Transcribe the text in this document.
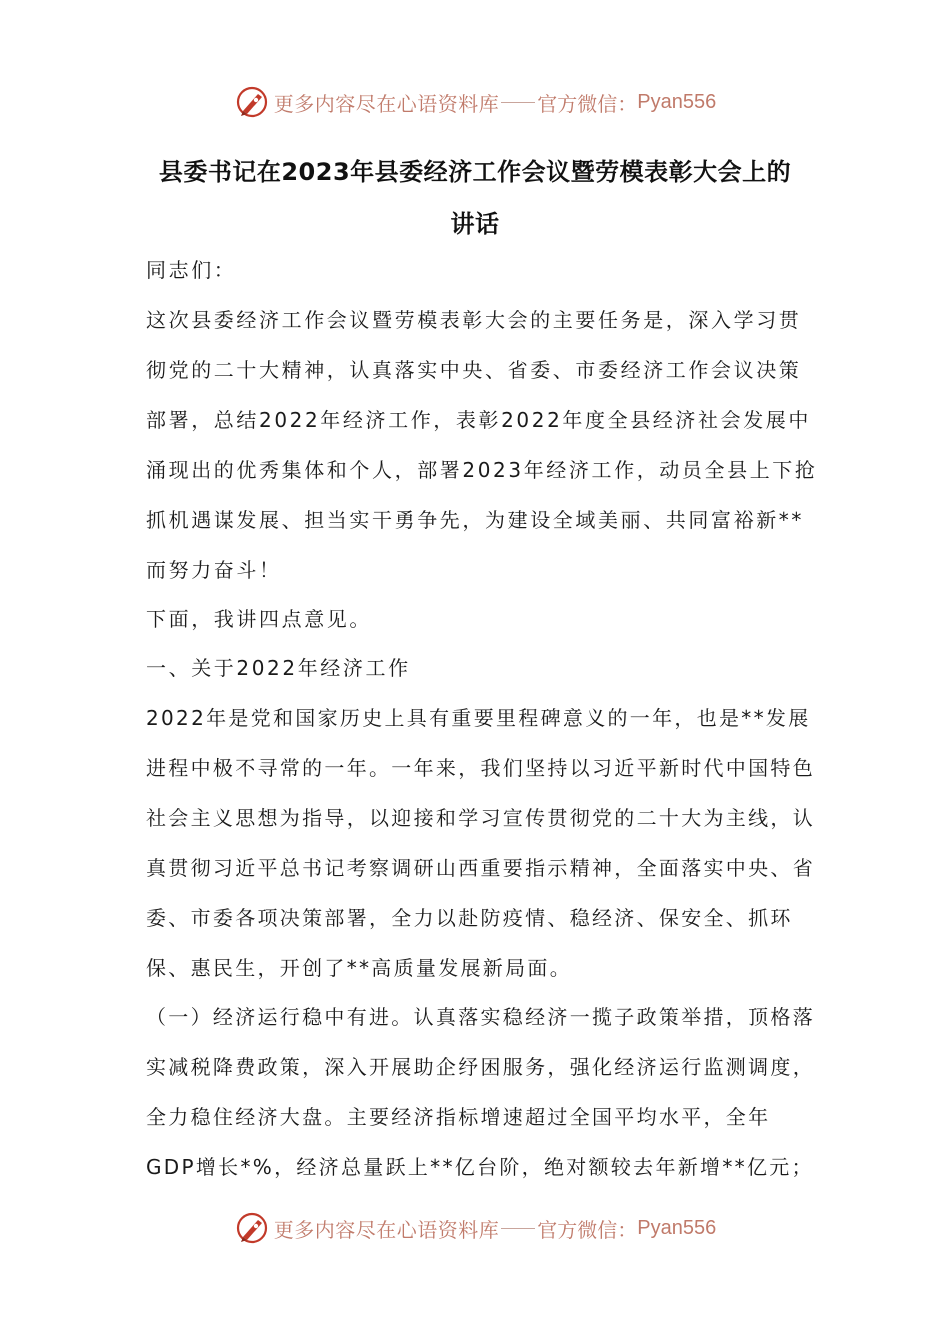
更多内容尽在心语资料库 官方微信： Pyan556
县委书记在2023年县委经济工作会议暨劳模表彰大会上的
讲话

同志们：

这次县委经济工作会议暨劳模表彰大会的主要任务是，深入学习贯彻党的二十大精神，认真落实中央、省委、市委经济工作会议决策部署，总结2022年经济工作，表彰2022年度全县经济社会发展中涌现出的优秀集体和个人，部署2023年经济工作，动员全县上下抢抓机遇谋发展、担当实干勇争先，为建设全域美丽、共同富裕新**而努力奋斗！

下面，我讲四点意见。

一、关于2022年经济工作

2022年是党和国家历史上具有重要里程碑意义的一年，也是**发展进程中极不寻常的一年。一年来，我们坚持以习近平新时代中国特色社会主义思想为指导，以迎接和学习宣传贯彻党的二十大为主线，认真贯彻习近平总书记考察调研山西重要指示精神，全面落实中央、省委、市委各项决策部署，全力以赴防疫情、稳经济、保安全、抓环保、惠民生，开创了**高质量发展新局面。

（一）经济运行稳中有进。认真落实稳经济一揽子政策举措，顶格落实减税降费政策，深入开展助企纾困服务，强化经济运行监测调度，全力稳住经济大盘。主要经济指标增速超过全国平均水平，全年GDP增长*%，经济总量跃上**亿台阶，绝对额较去年新增**亿元；

更多内容尽在心语资料库 官方微信： Pyan556
